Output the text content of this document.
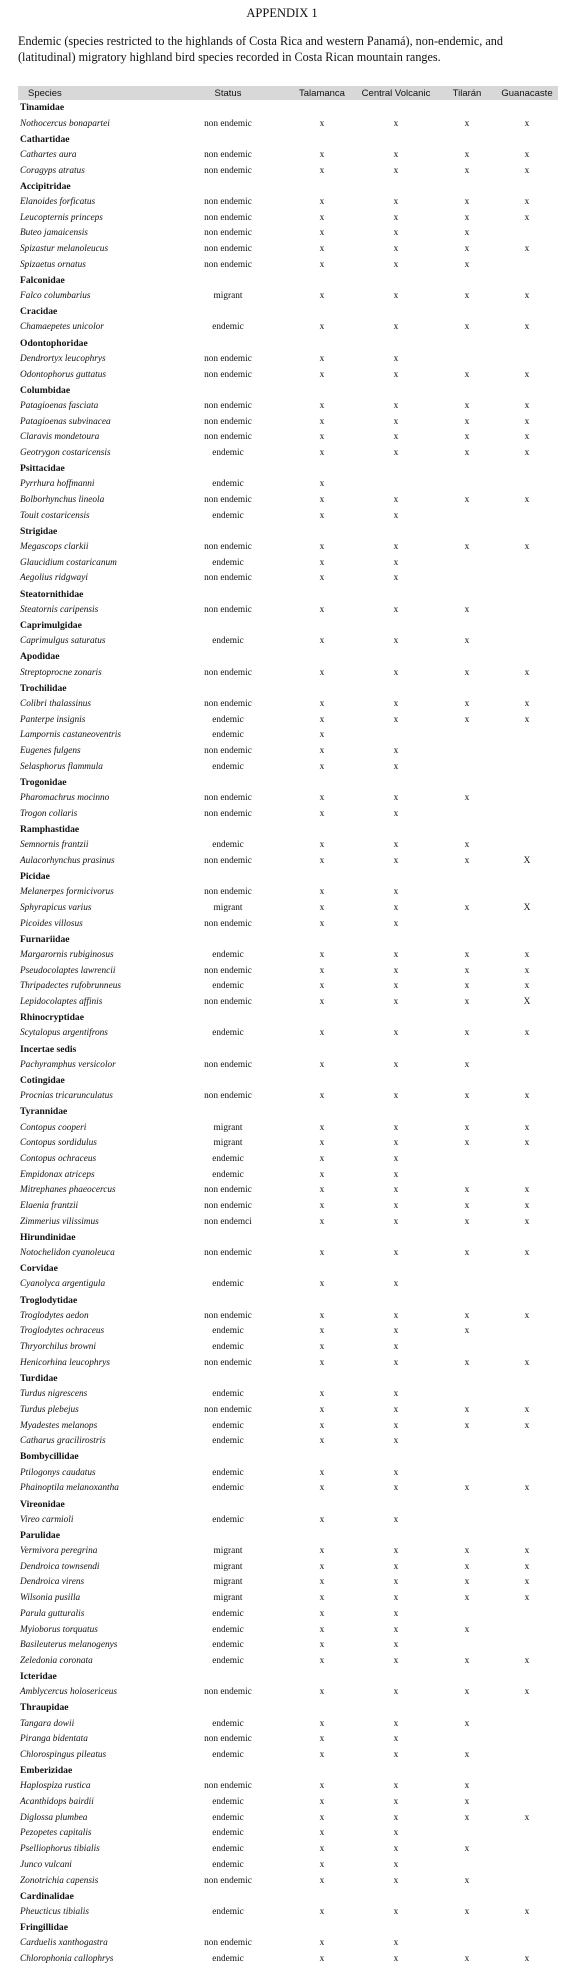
APPENDIX 1
Endemic (species restricted to the highlands of Costa Rica and western Panamá), non-endemic, and (latitudinal) migratory highland bird species recorded in Costa Rican mountain ranges.
Species	Status	Talamanca	Central Volcanic	Tilarán	Guanacaste
Tinamidae					
Nothocercus bonapartei	non endemic	x	x	x	x
Cathartidae					
Cathartes aura	non endemic	x	x	x	x
Coragyps atratus	non endemic	x	x	x	x
Accipitridae					
Elanoides forficatus	non endemic	x	x	x	x
Leucopternis princeps	non endemic	x	x	x	x
Buteo jamaicensis	non endemic	x	x	x	
Spizastur melanoleucus	non endemic	x	x	x	x
Spizaetus ornatus	non endemic	x	x	x	
Falconidae					
Falco columbarius	migrant	x	x	x	x
Cracidae					
Chamaepetes unicolor	endemic	x	x	x	x
Odontophoridae					
Dendrortyx leucophrys	non endemic	x	x		
Odontophorus guttatus	non endemic	x	x	x	x
Columbidae					
Patagioenas fasciata	non endemic	x	x	x	x
Patagioenas subvinacea	non endemic	x	x	x	x
Claravis mondetoura	non endemic	x	x	x	x
Geotrygon costaricensis	endemic	x	x	x	x
Psittacidae					
Pyrrhura hoffmanni	endemic	x			
Bolborhynchus lineola	non endemic	x	x	x	x
Touit costaricensis	endemic	x	x		
Strigidae					
Megascops clarkii	non endemic	x	x	x	x
Glaucidium costaricanum	endemic	x	x		
Aegolius ridgwayi	non endemic	x	x		
Steatornithidae					
Steatornis caripensis	non endemic	x	x	x	
Caprimulgidae					
Caprimulgus saturatus	endemic	x	x	x	
Apodidae					
Streptoprocne zonaris	non endemic	x	x	x	x
Trochilidae					
Colibri thalassinus	non endemic	x	x	x	x
Panterpe insignis	endemic	x	x	x	x
Lampornis castaneoventris	endemic	x			
Eugenes fulgens	non endemic	x	x		
Selasphorus flammula	endemic	x	x		
Trogonidae					
Pharomachrus mocinno	non endemic	x	x	x	
Trogon collaris	non endemic	x	x		
Ramphastidae					
Semnornis frantzii	endemic	x	x	x	
Aulacorhynchus prasinus	non endemic	x	x	x	X
Picidae					
Melanerpes formicivorus	non endemic	x	x		
Sphyrapicus varius	migrant	x	x	x	X
Picoides villosus	non endemic	x	x		
Furnariidae					
Margarornis rubiginosus	endemic	x	x	x	x
Pseudocolaptes lawrencii	non endemic	x	x	x	x
Thripadectes rufobrunneus	endemic	x	x	x	x
Lepidocolaptes affinis	non endemic	x	x	x	X
Rhinocryptidae					
Scytalopus argentifrons	endemic	x	x	x	x
Incertae sedis					
Pachyramphus versicolor	non endemic	x	x	x	
Cotingidae					
Procnias tricarunculatus	non endemic	x	x	x	x
Tyrannidae					
Contopus cooperi	migrant	x	x	x	x
Contopus sordidulus	migrant	x	x	x	x
Contopus ochraceus	endemic	x	x		
Empidonax atriceps	endemic	x	x		
Mitrephanes phaeocercus	non endemic	x	x	x	x
Elaenia frantzii	non endemic	x	x	x	x
Zimmerius vilissimus	non endemci	x	x	x	x
Hirundinidae					
Notochelidon cyanoleuca	non endemic	x	x	x	x
Corvidae					
Cyanolyca argentigula	endemic	x	x		
Troglodytidae					
Troglodytes aedon	non endemic	x	x	x	x
Troglodytes ochraceus	endemic	x	x	x	
Thryorchilus browni	endemic	x	x		
Henicorhina leucophrys	non endemic	x	x	x	x
Turdidae					
Turdus nigrescens	endemic	x	x		
Turdus plebejus	non endemic	x	x	x	x
Myadestes melanops	endemic	x	x	x	x
Catharus gracilirostris	endemic	x	x		
Bombycillidae					
Ptilogonys caudatus	endemic	x	x		
Phainoptila melanoxantha	endemic	x	x	x	x
Vireonidae					
Vireo carmioli	endemic	x	x		
Parulidae					
Vermivora peregrina	migrant	x	x	x	x
Dendroica townsendi	migrant	x	x	x	x
Dendroica virens	migrant	x	x	x	x
Wilsonia pusilla	migrant	x	x	x	x
Parula gutturalis	endemic	x	x		
Myioborus torquatus	endemic	x	x	x	
Basileuterus melanogenys	endemic	x	x		
Zeledonia coronata	endemic	x	x	x	x
Icteridae					
Amblycercus holosericeus	non endemic	x	x	x	x
Thraupidae					
Tangara dowii	endemic	x	x	x	
Piranga bidentata	non endemic	x	x		
Chlorospingus pileatus	endemic	x	x	x	
Emberizidae					
Haplospiza rustica	non endemic	x	x	x	
Acanthidops bairdii	endemic	x	x	x	
Diglossa plumbea	endemic	x	x	x	x
Pezopetes capitalis	endemic	x	x		
Pselliophorus tibialis	endemic	x	x	x	
Junco vulcani	endemic	x	x		
Zonotrichia capensis	non endemic	x	x	x	
Cardinalidae					
Pheucticus tibialis	endemic	x	x	x	x
Fringillidae					
Carduelis xanthogastra	non endemic	x	x		
Chlorophonia callophrys	endemic	x	x	x	x
